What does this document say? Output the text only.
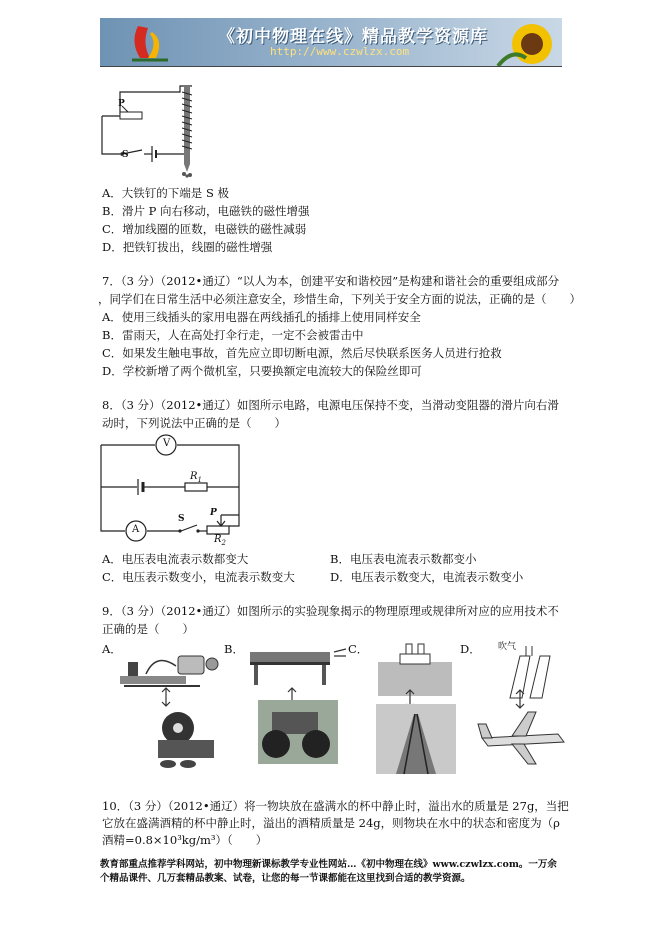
《初中物理在线》精品教学资源库
http://www.czwlzx.com
P
S
A．大铁钉的下端是 S 极
B．滑片 P 向右移动，电磁铁的磁性增强
C．增加线圈的匝数，电磁铁的磁性减弱
D．把铁钉拔出，线圈的磁性增强
7．（3 分）（2012•通辽）“以人为本，创建平安和谐校园”是构建和谐社会的重要组成部分
，同学们在日常生活中必须注意安全，珍惜生命，下列关于安全方面的说法，正确的是（　　）
A．使用三线插头的家用电器在两线插孔的插排上使用同样安全
B．雷雨天，人在高处打伞行走，一定不会被雷击中
C．如果发生触电事故，首先应立即切断电源，然后尽快联系医务人员进行抢救
D．学校新增了两个微机室，只要换额定电流较大的保险丝即可
8．（3 分）（2012•通辽）如图所示电路，电源电压保持不变，当滑动变阻器的滑片向右滑
动时，下列说法中正确的是（　　）
V
A
$R_1$
S
P
$R_2$
A．电压表电流表示数都变大	B．电压表电流表示数都变小
C．电压表示数变小，电流表示数变大	D．电压表示数变大，电流表示数变小
9．（3 分）（2012•通辽）如图所示的实验现象揭示的物理原理或规律所对应的应用技术不
正确的是（　　）
A．	B．	C．	D． 吹气
10．（3 分）（2012•通辽）将一物块放在盛满水的杯中静止时，溢出水的质量是 27g，当把
它放在盛满酒精的杯中静止时，溢出的酒精质量是 24g，则物块在水中的状态和密度为（ρ
酒精=0.8×10³kg/m³）（　　）
教育部重点推荐学科网站，初中物理新课标教学专业性网站…《初中物理在线》www.czwlzx.com。一万余
个精品课件、几万套精品教案、试卷，让您的每一节课都能在这里找到合适的教学资源。
